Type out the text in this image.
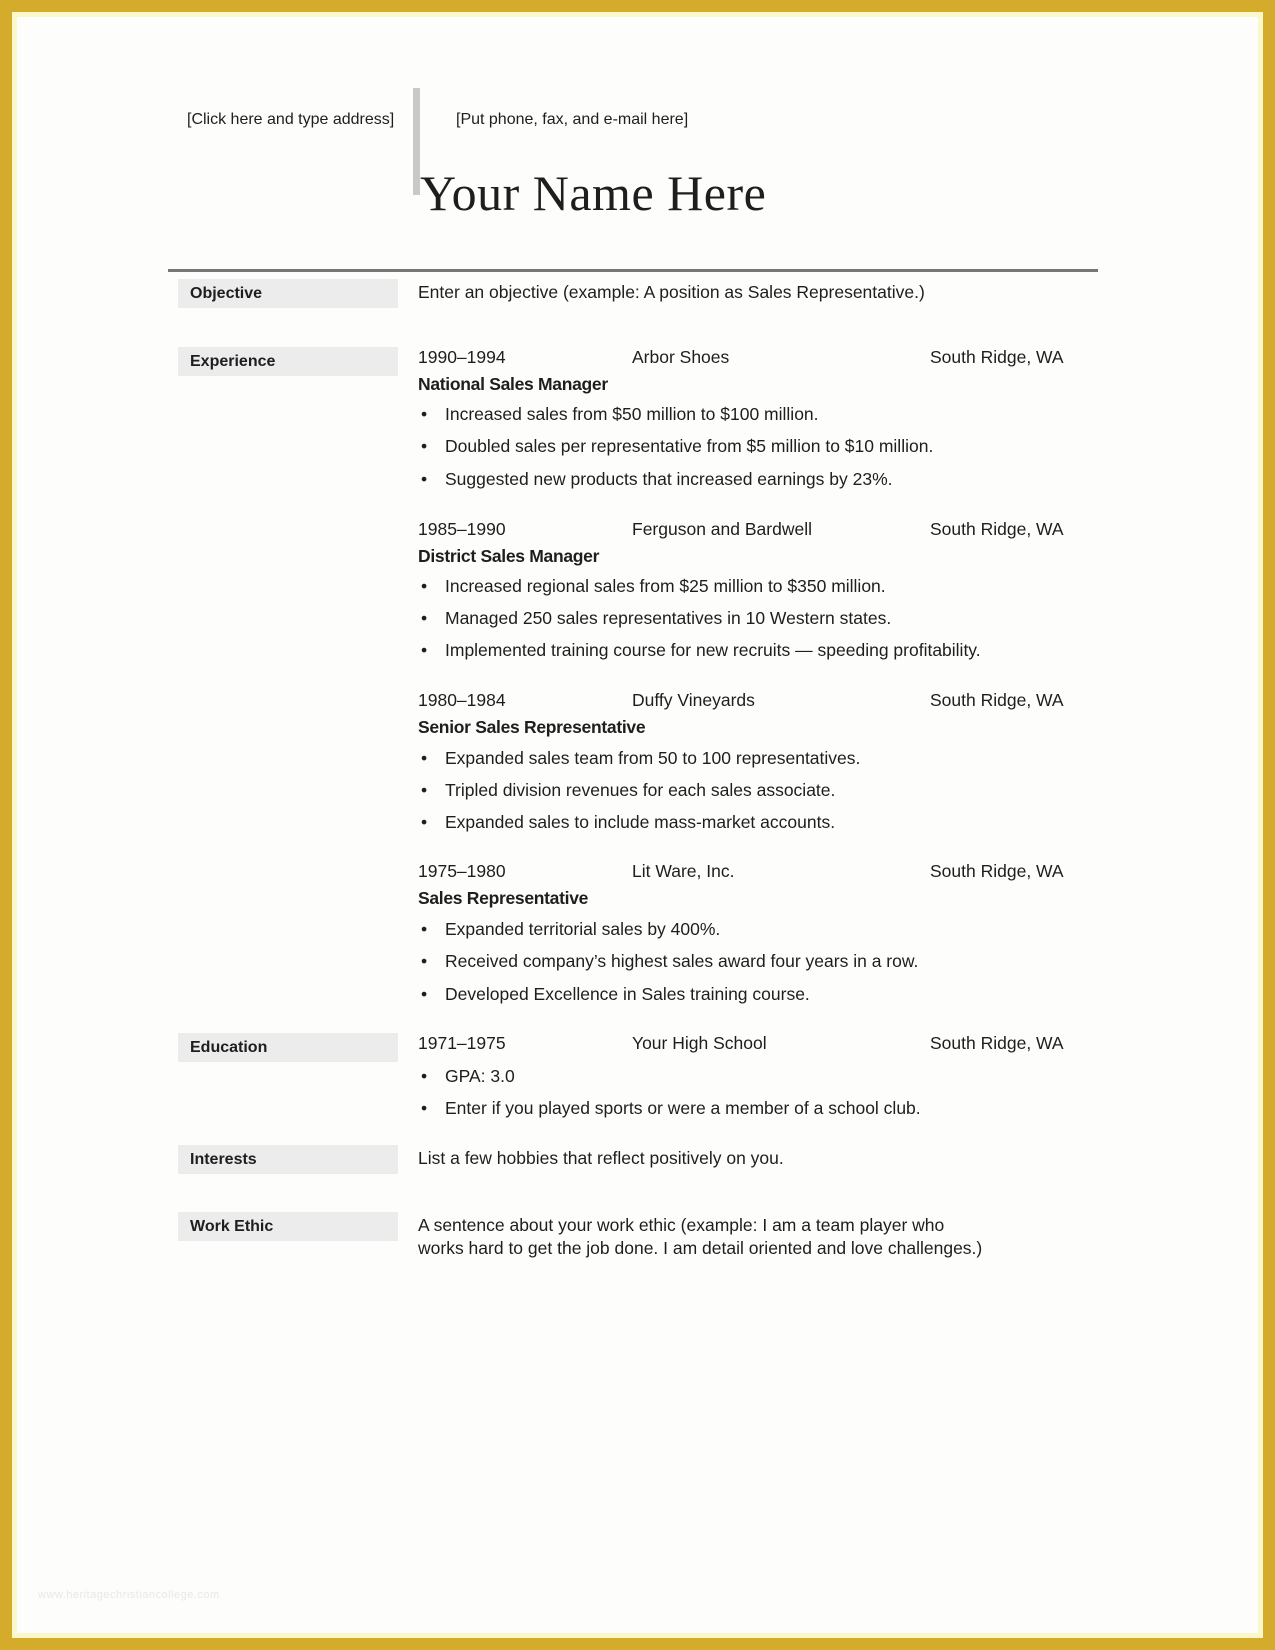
[Click here and type address]	[Put phone, fax, and e-mail here]
Your Name Here
Objective	Enter an objective (example: A position as Sales Representative.)
Experience	1990–1994	Arbor Shoes	South Ridge, WA
National Sales Manager
• Increased sales from $50 million to $100 million.
• Doubled sales per representative from $5 million to $10 million.
• Suggested new products that increased earnings by 23%.
1985–1990	Ferguson and Bardwell	South Ridge, WA
District Sales Manager
• Increased regional sales from $25 million to $350 million.
• Managed 250 sales representatives in 10 Western states.
• Implemented training course for new recruits — speeding profitability.
1980–1984	Duffy Vineyards	South Ridge, WA
Senior Sales Representative
• Expanded sales team from 50 to 100 representatives.
• Tripled division revenues for each sales associate.
• Expanded sales to include mass-market accounts.
1975–1980	Lit Ware, Inc.	South Ridge, WA
Sales Representative
• Expanded territorial sales by 400%.
• Received company’s highest sales award four years in a row.
• Developed Excellence in Sales training course.
Education	1971–1975	Your High School	South Ridge, WA
• GPA: 3.0
• Enter if you played sports or were a member of a school club.
Interests	List a few hobbies that reflect positively on you.
Work Ethic	A sentence about your work ethic (example: I am a team player who
works hard to get the job done. I am detail oriented and love challenges.)
www.heritagechristiancollege.com
